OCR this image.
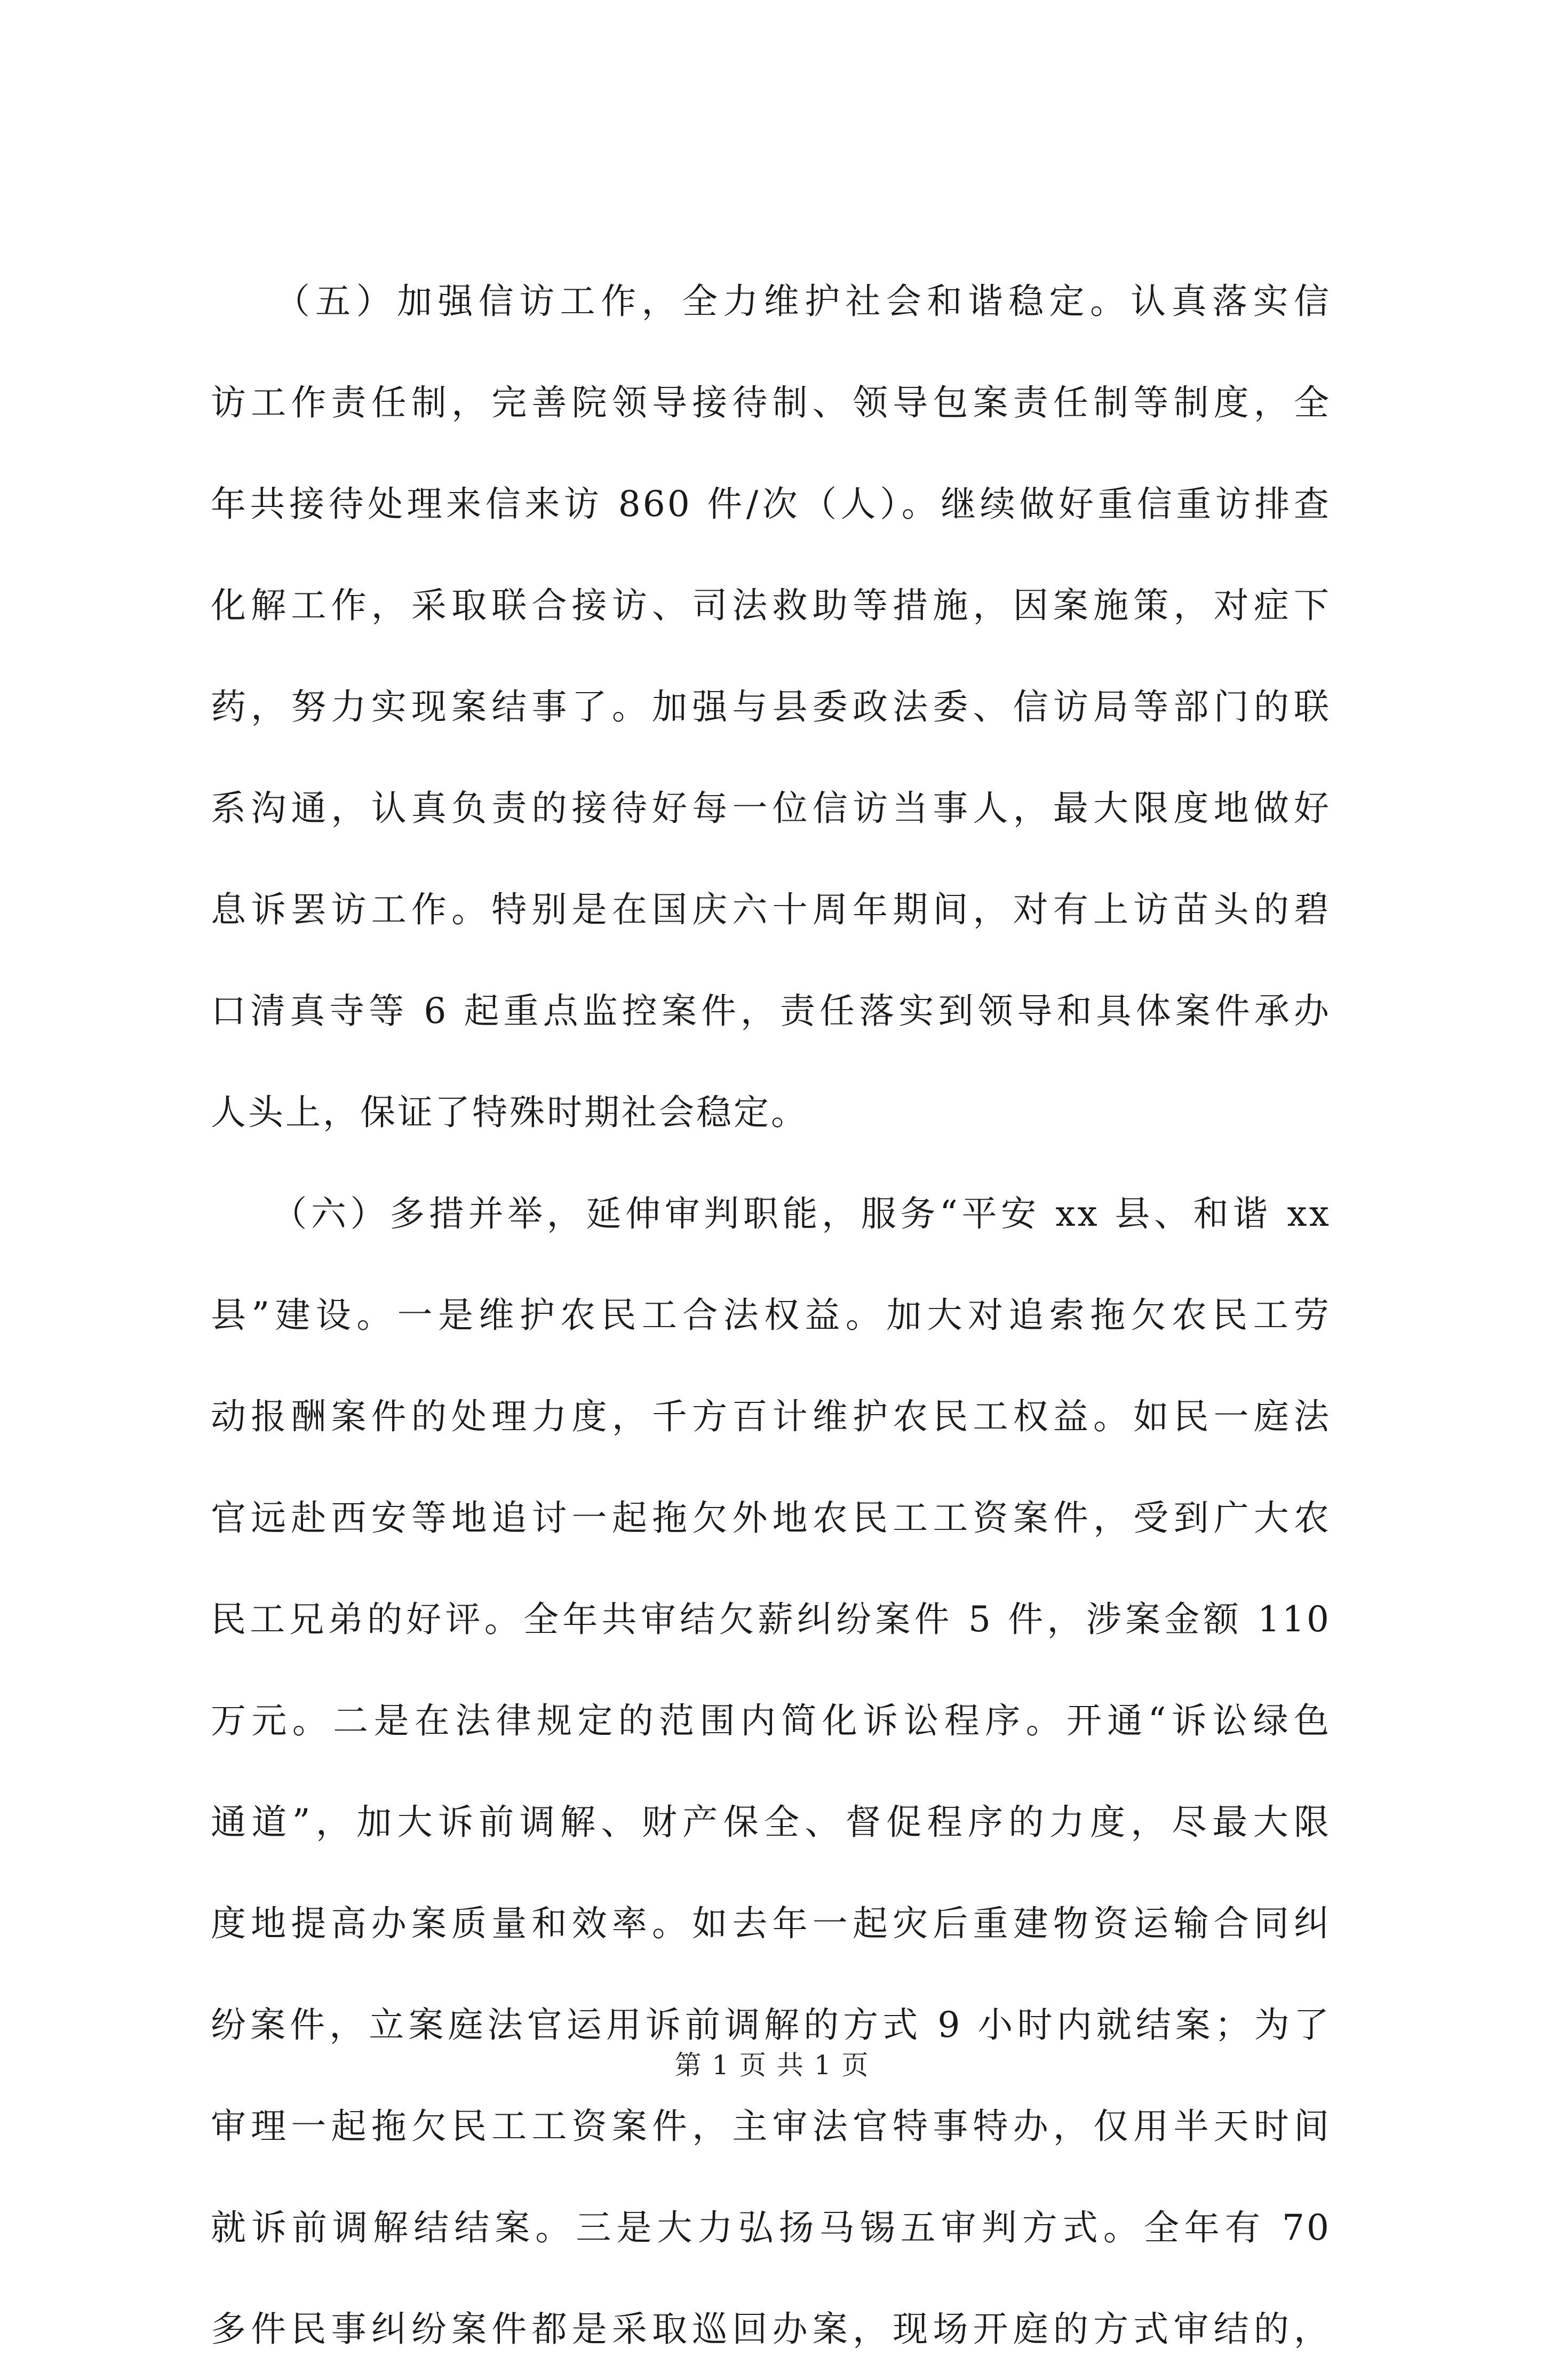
　　（五）加强信访工作，全力维护社会和谐稳定。认真落实信
访工作责任制，完善院领导接待制、领导包案责任制等制度，全
年共接待处理来信来访 860 件/次（人）。继续做好重信重访排查
化解工作，采取联合接访、司法救助等措施，因案施策，对症下
药，努力实现案结事了。加强与县委政法委、信访局等部门的联
系沟通，认真负责的接待好每一位信访当事人，最大限度地做好
息诉罢访工作。特别是在国庆六十周年期间，对有上访苗头的碧
口清真寺等 6 起重点监控案件，责任落实到领导和具体案件承办
人头上，保证了特殊时期社会稳定。
　　（六）多措并举，延伸审判职能，服务“平安 xx 县、和谐 xx
县”建设。一是维护农民工合法权益。加大对追索拖欠农民工劳
动报酬案件的处理力度，千方百计维护农民工权益。如民一庭法
官远赴西安等地追讨一起拖欠外地农民工工资案件，受到广大农
民工兄弟的好评。全年共审结欠薪纠纷案件 5 件，涉案金额 110
万元。二是在法律规定的范围内简化诉讼程序。开通“诉讼绿色
通道”，加大诉前调解、财产保全、督促程序的力度，尽最大限
度地提高办案质量和效率。如去年一起灾后重建物资运输合同纠
纷案件，立案庭法官运用诉前调解的方式 9 小时内就结案；为了
审理一起拖欠民工工资案件，主审法官特事特办，仅用半天时间
就诉前调解结结案。三是大力弘扬马锡五审判方式。全年有 70
多件民事纠纷案件都是采取巡回办案，现场开庭的方式审结的，
第 1 页 共 1 页
